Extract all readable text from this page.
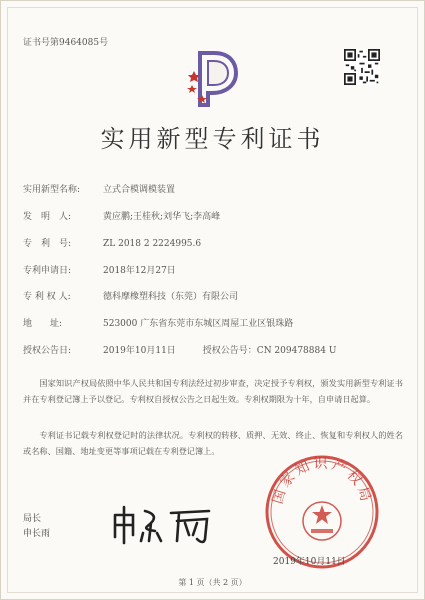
证书号第9464085号
实用新型专利证书
实用新型名称:	立式合模调模装置
发　明　人:	黄应鹏;王桂秋;刘华飞;李高峰
专　利　号:	ZL 2018 2 2224995.6
专利申请日:	2018年12月27日
专 利 权 人:	德科摩橡塑科技（东莞）有限公司
地　　址:	523000 广东省东莞市东城区周屋工业区银珠路
授权公告日:	2019年10月11日　　　授权公告号：CN 209478884 U
国家知识产权局依照中华人民共和国专利法经过初步审查，决定授予专利权，颁发实用新型专利证书并在专利登记簿上予以登记。专利权自授权公告之日起生效。专利权期限为十年，自申请日起算。
专利证书记载专利权登记时的法律状况。专利权的转移、质押、无效、终止、恢复和专利权人的姓名或名称、国籍、地址变更等事项记载在专利登记簿上。
局长
申长雨
国家知识产权局
2019年10月11日
第 1 页（共 2 页）
